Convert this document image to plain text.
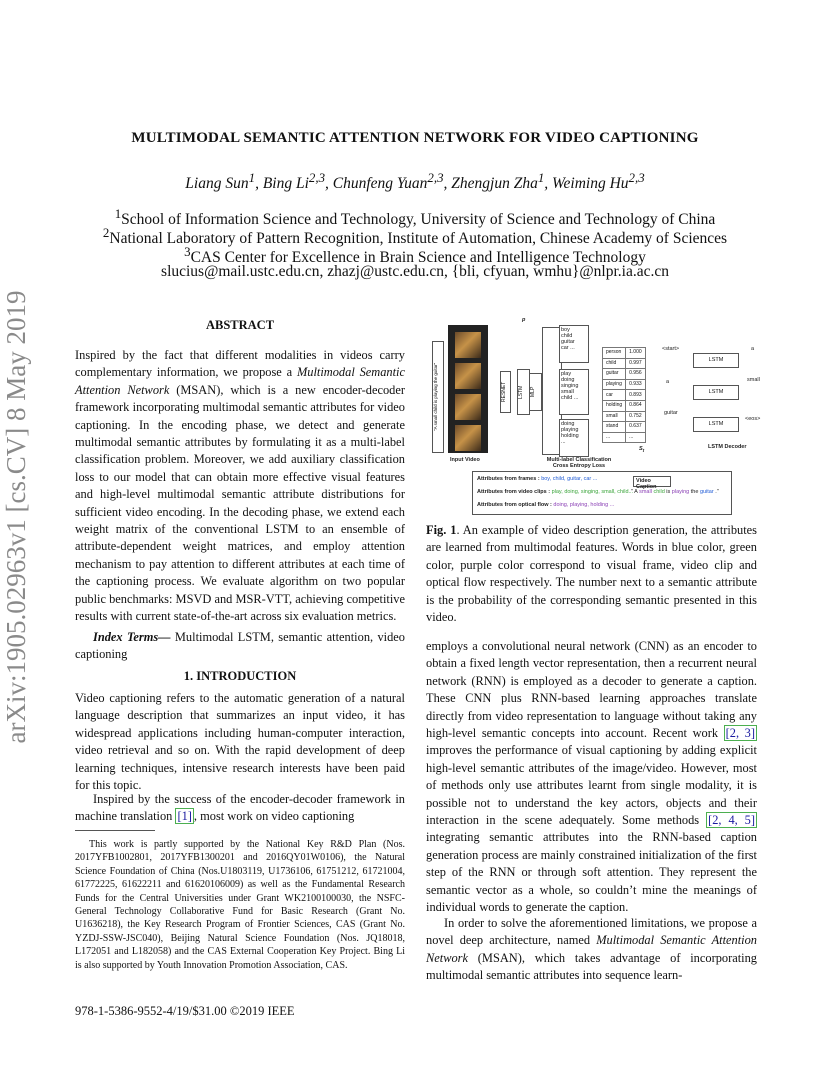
arXiv:1905.02963v1 [cs.CV] 8 May 2019
MULTIMODAL SEMANTIC ATTENTION NETWORK FOR VIDEO CAPTIONING
Liang Sun$^1$, Bing Li$^{2,3}$, Chunfeng Yuan$^{2,3}$, Zhengjun Zha$^1$, Weiming Hu$^{2,3}$
$^1$School of Information Science and Technology, University of Science and Technology of China
$^2$National Laboratory of Pattern Recognition, Institute of Automation, Chinese Academy of Sciences
$^3$CAS Center for Excellence in Brain Science and Intelligence Technology
slucius@mail.ustc.edu.cn, zhazj@ustc.edu.cn, {bli, cfyuan, wmhu}@nlpr.ia.ac.cn
ABSTRACT

Inspired by the fact that different modalities in videos carry complementary information, we propose a Multimodal Semantic Attention Network (MSAN), which is a new encoder-decoder framework incorporating multimodal semantic attributes for video captioning. In the encoding phase, we detect and generate multimodal semantic attributes by formulating it as a multi-label classification problem. Moreover, we add auxiliary classification loss to our model that can obtain more effective visual features and high-level multimodal semantic attribute distributions for sufficient video encoding. In the decoding phase, we extend each weight matrix of the conventional LSTM to an ensemble of attribute-dependent weight matrices, and employ attention mechanism to pay attention to different attributes at each time of the captioning process. We evaluate algorithm on two popular public benchmarks: MSVD and MSR-VTT, achieving competitive results with current state-of-the-art across six evaluation metrics.

Index Terms— Multimodal LSTM, semantic attention, video captioning

1. INTRODUCTION

Video captioning refers to the automatic generation of a natural language description that summarizes an input video, it has widespread applications including human-computer interaction, video retrieval and so on. With the rapid development of deep learning techniques, intensive research interests have been paid for this topic.

Inspired by the success of the encoder-decoder framework in machine translation [1] , most work on video captioning

This work is partly supported by the National Key R&D Plan (Nos. 2017YFB1002801, 2017YFB1300201 and 2016QY01W0106), the Natural Science Foundation of China (Nos.U1803119, U1736106, 61751212, 61721004, 61772225, 61622211 and 61620106009) as well as the Fundamental Research Funds for the Central Universities under Grant WK2100100030, the NSFC-General Technology Collaborative Fund for Basic Research (Grant No. U1636218), the Key Research Program of Frontier Sciences, CAS (Grant No. YZDJ-SSW-JSC040), Beijing Natural Science Foundation (Nos. JQ18018, L172051 and L182058) and the CAS External Cooperation Key Project. Bing Li is also supported by Youth Innovation Promotion Association, CAS.

978-1-5386-9552-4/19/$31.00 ©2019 IEEE
"A small child is playing the guitar"
Input Video
RESNET	LSTM	MLP
p
boy
child
guitar
car ...
play
doing
singing
small
child ...
doing
playing
holding
...
Multi-label Classification Cross Entropy Loss
person	1.000
child	0.997
guitar	0.956
playing	0.933
car	0.893
holding	0.864
small	0.752
stand	0.637
...	...
$S_t$
<start>
a
guitar
LSTM
LSTM
LSTM
a
small
<eos>
LSTM Decoder
Attributes from frames : boy, child, guitar, car ...
Attributes from video clips : play, doing, singing, small, child...
Attributes from optical flow : doing, playing, holding ...
Video Caption
" A small child is playing the guitar ."

Fig. 1. An example of video description generation, the attributes are learned from multimodal features. Words in blue color, green color, purple color correspond to visual frame, video clip and optical flow respectively. The number next to a semantic attribute is the probability of the corresponding semantic presented in this video.

employs a convolutional neural network (CNN) as an encoder to obtain a fixed length vector representation, then a recurrent neural network (RNN) is employed as a decoder to generate a caption. These CNN plus RNN-based learning approaches translate directly from video representation to language without taking any high-level semantic concepts into account. Recent work [2, 3] improves the performance of visual captioning by adding explicit high-level semantic attributes of the image/video. However, most of methods only use attributes learnt from single modality, it is possible not to understand the key actors, objects and their interaction in the scene adequately. Some methods [2, 4, 5] integrating semantic attributes into the RNN-based caption generation process are mainly constrained initialization of the first step of the RNN or through soft attention. They represent the semantic vector as a whole, so couldn’t mine the meanings of individual words to generate the caption.

In order to solve the aforementioned limitations, we propose a novel deep architecture, named Multimodal Semantic Attention Network (MSAN), which takes advantage of incorporating multimodal semantic attributes into sequence learn-
